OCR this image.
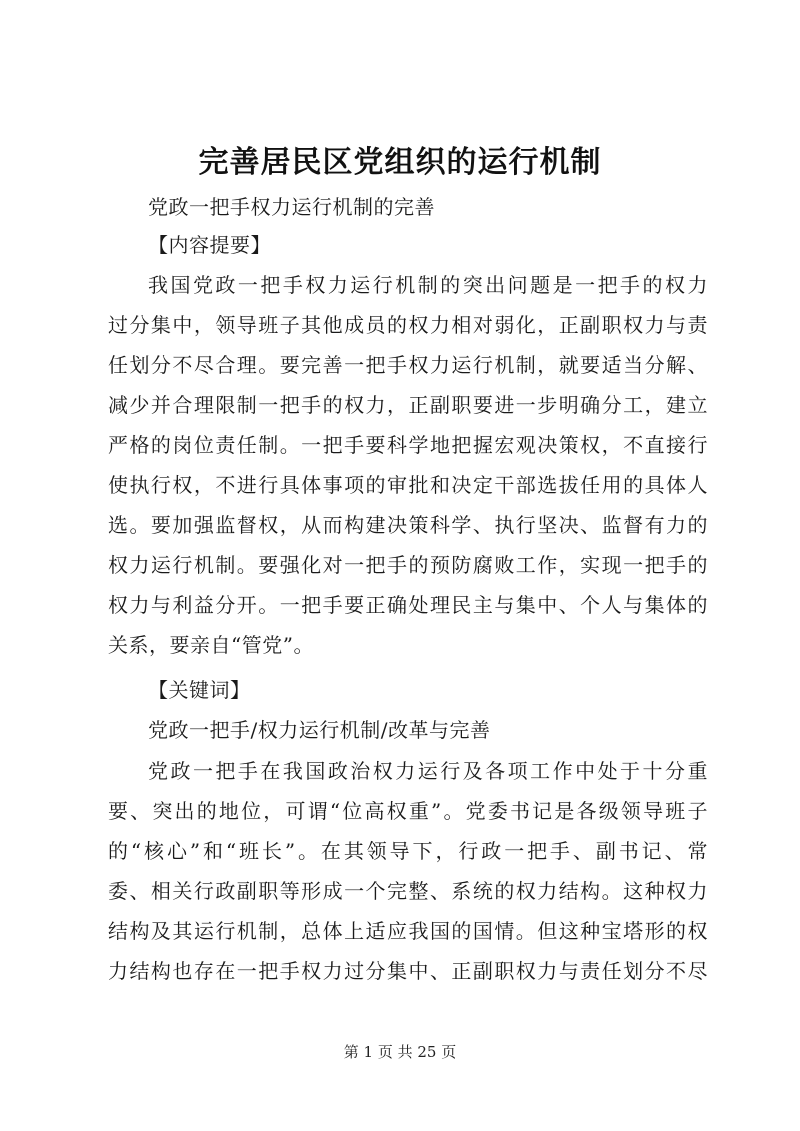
完善居民区党组织的运行机制
党政一把手权力运行机制的完善
【内容提要】
我国党政一把手权力运行机制的突出问题是一把手的权力
过分集中，领导班子其他成员的权力相对弱化，正副职权力与责
任划分不尽合理。要完善一把手权力运行机制，就要适当分解、
减少并合理限制一把手的权力，正副职要进一步明确分工，建立
严格的岗位责任制。一把手要科学地把握宏观决策权，不直接行
使执行权，不进行具体事项的审批和决定干部选拔任用的具体人
选。要加强监督权，从而构建决策科学、执行坚决、监督有力的
权力运行机制。要强化对一把手的预防腐败工作，实现一把手的
权力与利益分开。一把手要正确处理民主与集中、个人与集体的
关系，要亲自“管党”。
【关键词】
党政一把手/权力运行机制/改革与完善
党政一把手在我国政治权力运行及各项工作中处于十分重
要、突出的地位，可谓“位高权重”。党委书记是各级领导班子
的“核心”和“班长”。在其领导下，行政一把手、副书记、常
委、相关行政副职等形成一个完整、系统的权力结构。这种权力
结构及其运行机制，总体上适应我国的国情。但这种宝塔形的权
力结构也存在一把手权力过分集中、正副职权力与责任划分不尽
第 1 页 共 25 页
